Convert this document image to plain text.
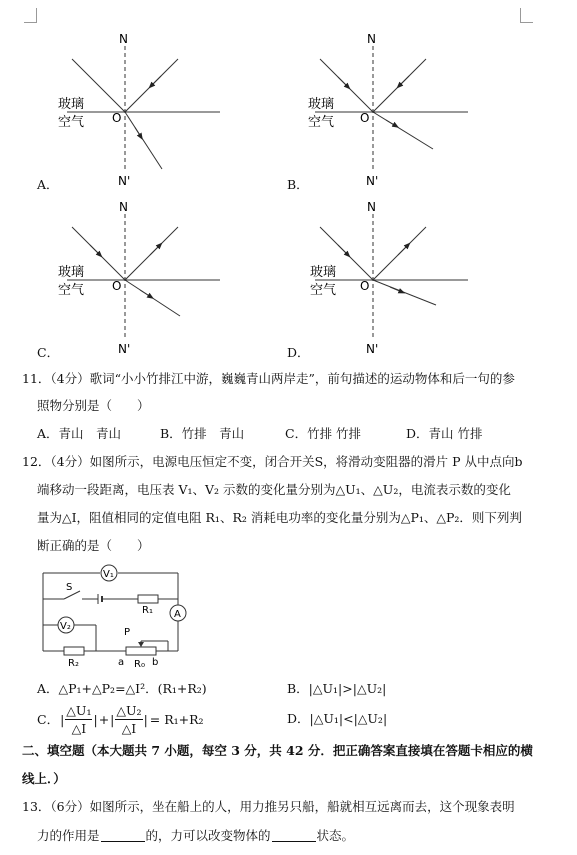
N
N'
O
玻璃
空气
A．
N
N'
O
玻璃
空气
B．
N
N'
O
玻璃
空气
C．
N
N'
O
玻璃
空气
D．
11．（4分）歌词“小小竹排江中游，巍巍青山两岸走”，前句描述的运动物体和后一句的参
照物分别是（　　）
A．青山　青山	B．竹排　青山	C．竹排 竹排	D．青山 竹排
12．（4分）如图所示，电源电压恒定不变，闭合开关S，将滑动变阻器的滑片 P 从中点向b
端移动一段距离，电压表 V₁、V₂ 示数的变化量分别为△U₁、△U₂，电流表示数的变化
量为△I，阻值相同的定值电阻 R₁、R₂ 消耗电功率的变化量分别为△P₁、△P₂．则下列判
断正确的是（　　）
V₁
A
V₂
S
R₁
R₂
P
a R₀ b
A．△P₁+△P₂=△I²．(R₁+R₂)	B．|△U₁|>|△U₂|
C． | $\frac{\text{△U₁}}{\triangle I}$ | + | $\frac{\text{△U₂}}{\triangle I}$ | = R₁+R₂	D．|△U₁|<|△U₂|
二、填空题（本大题共 7 小题，每空 3 分，共 42 分．把正确答案直接填在答题卡相应的横
线上．）
13．（6分）如图所示，坐在船上的人，用力推另只船，船就相互远离而去，这个现象表明
力的作用是	的，力可以改变物体的	状态。
